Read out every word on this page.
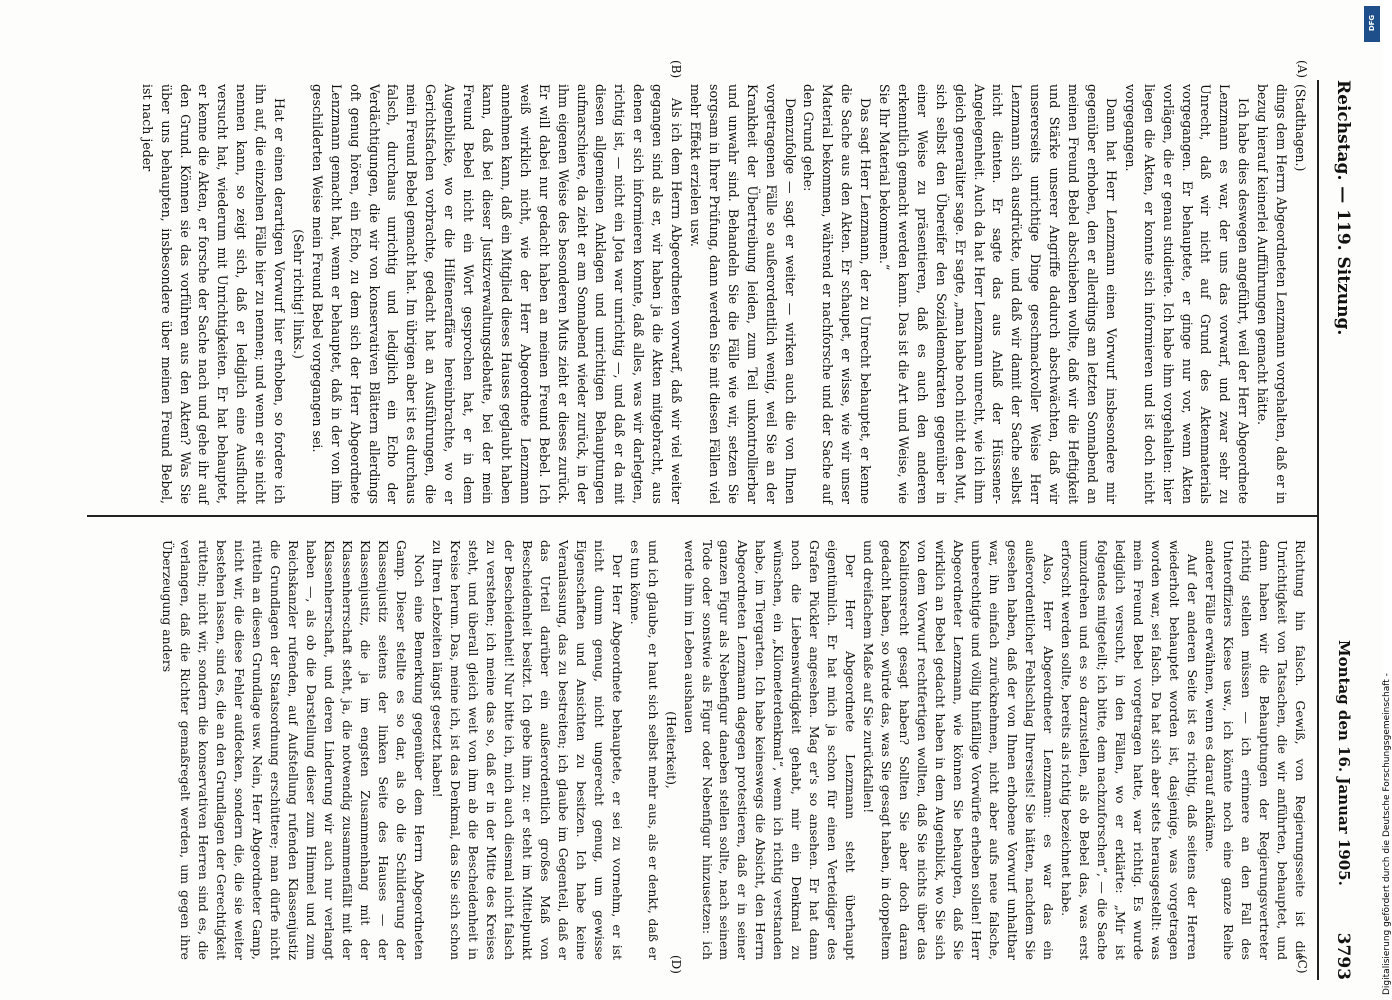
Reichstag. — 119. Sitzung.
Montag den 16. Januar 1905.
3793
(A)
(B)
(C)
(D)

(Stadthagen.)

dings dem Herrn Abgeordneten Lenzmann vorgehalten, daß er in bezug hierauf keinerlei Aufführungen gemacht hätte.

Ich habe dies deswegen angeführt, weil der Herr Abgeordnete Lenzmann es war, der uns das vorwarf, und zwar sehr zu Unrecht, daß wir nicht auf Grund des Aktenmaterials vorgegangen. Er behauptete, er ginge nur vor, wenn Akten vorlägen, die er genau studierte. Ich habe ihm vorgehalten: hier liegen die Akten, er konnte sich informieren und ist doch nicht vorgegangen.

Dann hat Herr Lenzmann einen Vorwurf insbesondere mir gegenüber erhoben, den er allerdings am letzten Sonnabend an meinen Freund Bebel abschieben wollte, daß wir die Heftigkeit und Stärke unserer Angriffe dadurch abschwächten, daß wir unsererseits unrichtige Dinge geschmackvoller Weise Herr Lenzmann sich ausdrückte, und daß wir damit der Sache selbst nicht dienten. Er sagte das aus Anlaß der Hüssener-Angelegenheit. Auch da hat Herr Lenzmann unrecht, wie ich ihm gleich generaliter sage. Er sagte, „man habe noch nicht den Mut, sich selbst den Übereifer den Sozialdemokraten gegenüber in einer Weise zu präsentieren, daß es auch den anderen erkenntlich gemacht werden kann. Das ist die Art und Weise, wie Sie Ihr Material bekommen.“

Das sagt Herr Lenzmann, der zu Unrecht behauptet, er kenne die Sache aus den Akten. Er schaupet, er wisse, wie wir unser Material bekommen, während er nachforsche und der Sache auf den Grund gehe:

Demzufolge — sagt er weiter — wirken auch die von Ihnen vorgetragenen Fälle so außerordentlich wenig, weil Sie an der Krankheit der Übertreibung leiden, zum Teil unkontrollierbar und unwahr sind. Behandeln Sie die Fälle wie wir, setzen Sie sorgsam in Ihrer Prüfung, dann werden Sie mit diesen Fällen viel mehr Effekt erzielen usw.

Als ich dem Herrn Abgeordneten vorwarf, daß wir viel weiter gegangen sind als er, wir haben ja die Akten mitgebracht, aus denen er sich informieren konnte, daß alles, was wir darlegten, richtig ist, — nicht ein Jota war unrichtig —, und daß er da mit diesen allgemeinen Anklagen und unrichtigen Behauptungen aufmarschiere, da zieht er am Sonnabend wieder zurück, in der ihm eigenen Weise des besonderen Muts zieht er dieses zurück. Er will dabei nur gedacht haben an meinen Freund Bebel. Ich weiß wirklich nicht, wie der Herr Abgeordnete Lenzmann annehmen kann, daß ein Mitglied dieses Hauses geglaubt haben kann, daß bei dieser Justizverwaltungsdebatte, bei der mein Freund Bebel nicht ein Wort gesprochen hat, er in dem Augenblicke, wo er die Hilfeneraffäre hereinbrachte, wo er Gerichtsfachen vorbrachte, gedacht hat an Ausführungen, die mein Freund Bebel gemacht hat. Im übrigen aber ist es durchaus falsch, durchaus unrichtig und lediglich ein Echo der Verdächtigungen, die wir von konservativen Blättern allerdings oft genug hören, ein Echo, zu dem sich der Herr Abgeordnete Lenzmann gemacht hat, wenn er behauptet, daß in der von ihm geschilderten Weise mein Freund Bebel vorgegangen sei.

(Sehr richtig! links.)

Hat er einen derartigen Vorwurf hier erhoben, so fordere ich ihn auf, die einzelnen Fälle hier zu nennen; und wenn er sie nicht nennen kann, so zeigt sich, daß er lediglich eine Ausflucht versucht hat, wiederum mit Unrichtigkeiten. Er hat behauptet, er kenne die Akten, er forsche der Sache nach und gehe ihr auf den Grund. Können sie das vorführen aus den Akten? Was Sie über uns behaupten, insbesondere über meinen Freund Bebel, ist nach jeder

Richtung hin falsch. Gewiß, von Regierungsseite ist die Unrichtigkeit von Tatsachen, die wir anführten, behauptet, und dann haben wir die Behauptungen der Regierungsvertreter richtig stellen müssen — ich erinnere an den Fall des Unteroffiziers Kiese usw., ich könnte noch eine ganze Reihe anderer Fälle erwähnen, wenn es darauf ankäme.

Auf der anderen Seite ist es richtig, daß seitens der Herren wiederholt behauptet worden ist, dasjenige, was vorgetragen worden war, sei falsch. Da hat sich aber stets herausgestellt: was mein Freund Bebel vorgetragen hatte, war richtig. Es wurde lediglich versucht, in den Fällen, wo er erklärte: „Mir ist folgendes mitgeteilt; ich bitte, dem nachzuforschen“, — die Sache umzudrehen und es so darzustellen, als ob Bebel das, was erst erforscht werden sollte, bereits als richtig bezeichnet habe.

Also, Herr Abgeordneter Lenzmann: es war das ein außerordentlicher Fehlschlag Ihrerseits! Sie hätten, nachdem Sie gesehen haben, daß der von Ihnen erhobene Vorwurf unhaltbar war, ihn einfach zurücknehmen, nicht aber aufs neue falsche, unberechtigte und völlig hinfällige Vorwürfe erheben sollen! Herr Abgeordneter Lenzmann, wie können Sie behaupten, daß Sie wirklich an Bebel gedacht haben in dem Augenblick, wo Sie sich von dem Vorwurf rechtfertigen wollten, daß Sie nichts über das Koalitionsrecht gesagt haben? Sollten Sie aber doch daran gedacht haben, so würde das, was Sie gesagt haben, in doppeltem und dreifachem Maße auf Sie zurückfallen!

Der Herr Abgeordnete Lenzmann steht überhaupt eigentümlich. Er hat mich ja schon für einen Verteidiger des Grafen Pückler angesehen. Mag er's so ansehen. Er hat dann noch die Liebenswürdigkeit gehabt, mir ein Denkmal zu wünschen, ein „Kilometerdenkmal“, wenn ich richtig verstanden habe, im Tiergarten. Ich habe keineswegs die Absicht, den Herrn Abgeordneten Lenzmann dagegen protestieren, daß er in seiner ganzen Figur als Nebenfigur daneben stellen sollte, nach seinem Tode oder sonstwie als Figur oder Nebenfigur hinzusetzen: ich werde ihm im Leben aushauen

(Heiterkeit),

und ich glaube, er haut sich selbst mehr aus, als er denkt, daß er es tun könne.

Der Herr Abgeordnete behauptete, er sei zu vornehm, er ist nicht dumm genug, nicht ungerecht genug, um gewisse Eigenschaften und Ansichten zu besitzen. Ich habe keine Veranlassung, das zu bestreiten; ich glaube im Gegenteil, daß er das Urteil darüber ein außerordentlich großes Maß von Bescheidenheit besitzt. Ich gebe ihm zu: er steht im Mittelpunkt der Bescheidenheit! Nur bitte ich, mich auch diesmal nicht falsch zu verstehen; ich meine das so, daß er in der Mitte des Kreises steht, und überall gleich weit von ihm ab die Bescheidenheit in Kreise herum. Das, meine ich, ist das Denkmal, das Sie sich schon zu Ihren Lebzeiten längst gesetzt haben!

Noch eine Bemerkung gegenüber dem Herrn Abgeordneten Gamp. Dieser stellte es so dar, als ob die Schilderung der Klassenjustiz seitens der linken Seite des Hauses — der Klassenjustiz, die ja im engsten Zusammenhang mit der Klassenherrschaft steht, ja, die notwendig zusammenfällt mit der Klassenherrschaft, und deren Linderung wir auch nur verlangt haben —, als ob die Darstellung dieser zum Himmel und zum Reichskanzler rufenden, auf Aufstellung rufenden Klassenjustiz die Grundlagen der Staatsordnung erschüttere; man dürfe nicht rütteln an diesen Grundlage usw. Nein, Herr Abgeordneter Gamp, nicht wir, die diese Fehler aufdecken, sondern die, die sie weiter bestehen lassen, sind es, die an den Grundlagen der Gerechtigkeit rütteln; nicht wir, sondern die konservativen Herren sind es, die verlangen, daß die Richter gemaßregelt werden, um gegen ihre Überzeugung anders

DFG
Digitalisierung gefördert durch die Deutsche Forschungsgemeinschaft -
